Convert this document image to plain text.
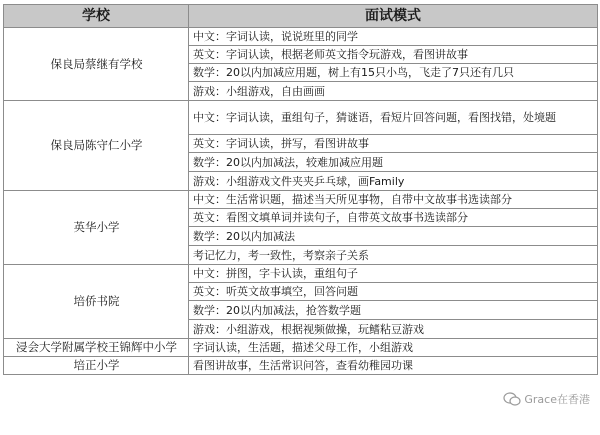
学校	面试模式
保良局蔡继有学校	中文：字词认读，说说班里的同学
	英文：字词认读，根据老师英文指令玩游戏，看图讲故事
	数学：20以内加减应用题，树上有15只小鸟，飞走了7只还有几只
	游戏：小组游戏，自由画画
保良局陈守仁小学	中文：字词认读，重组句子，猜谜语，看短片回答问题，看图找错，处境题
	英文：字词认读，拼写，看图讲故事
	数学：20以内加减法，较难加减应用题
	游戏：小组游戏文件夹夹乒乓球，画Family
英华小学	中文：生活常识题，描述当天所见事物，自带中文故事书选读部分
	英文：看图文填单词并读句子，自带英文故事书选读部分
	数学：20以内加减法
	考记忆力，考一致性，考察亲子关系
培侨书院	中文：拼图，字卡认读，重组句子
	英文：听英文故事填空，回答问题
	数学：20以内加减法，抢答数学题
	游戏：小组游戏，根据视频做操，玩鳍粘豆游戏
浸会大学附属学校王锦辉中小学	字词认读，生活题，描述父母工作，小组游戏
培正小学	看图讲故事，生活常识问答，查看幼稚园功课
Grace在香港
